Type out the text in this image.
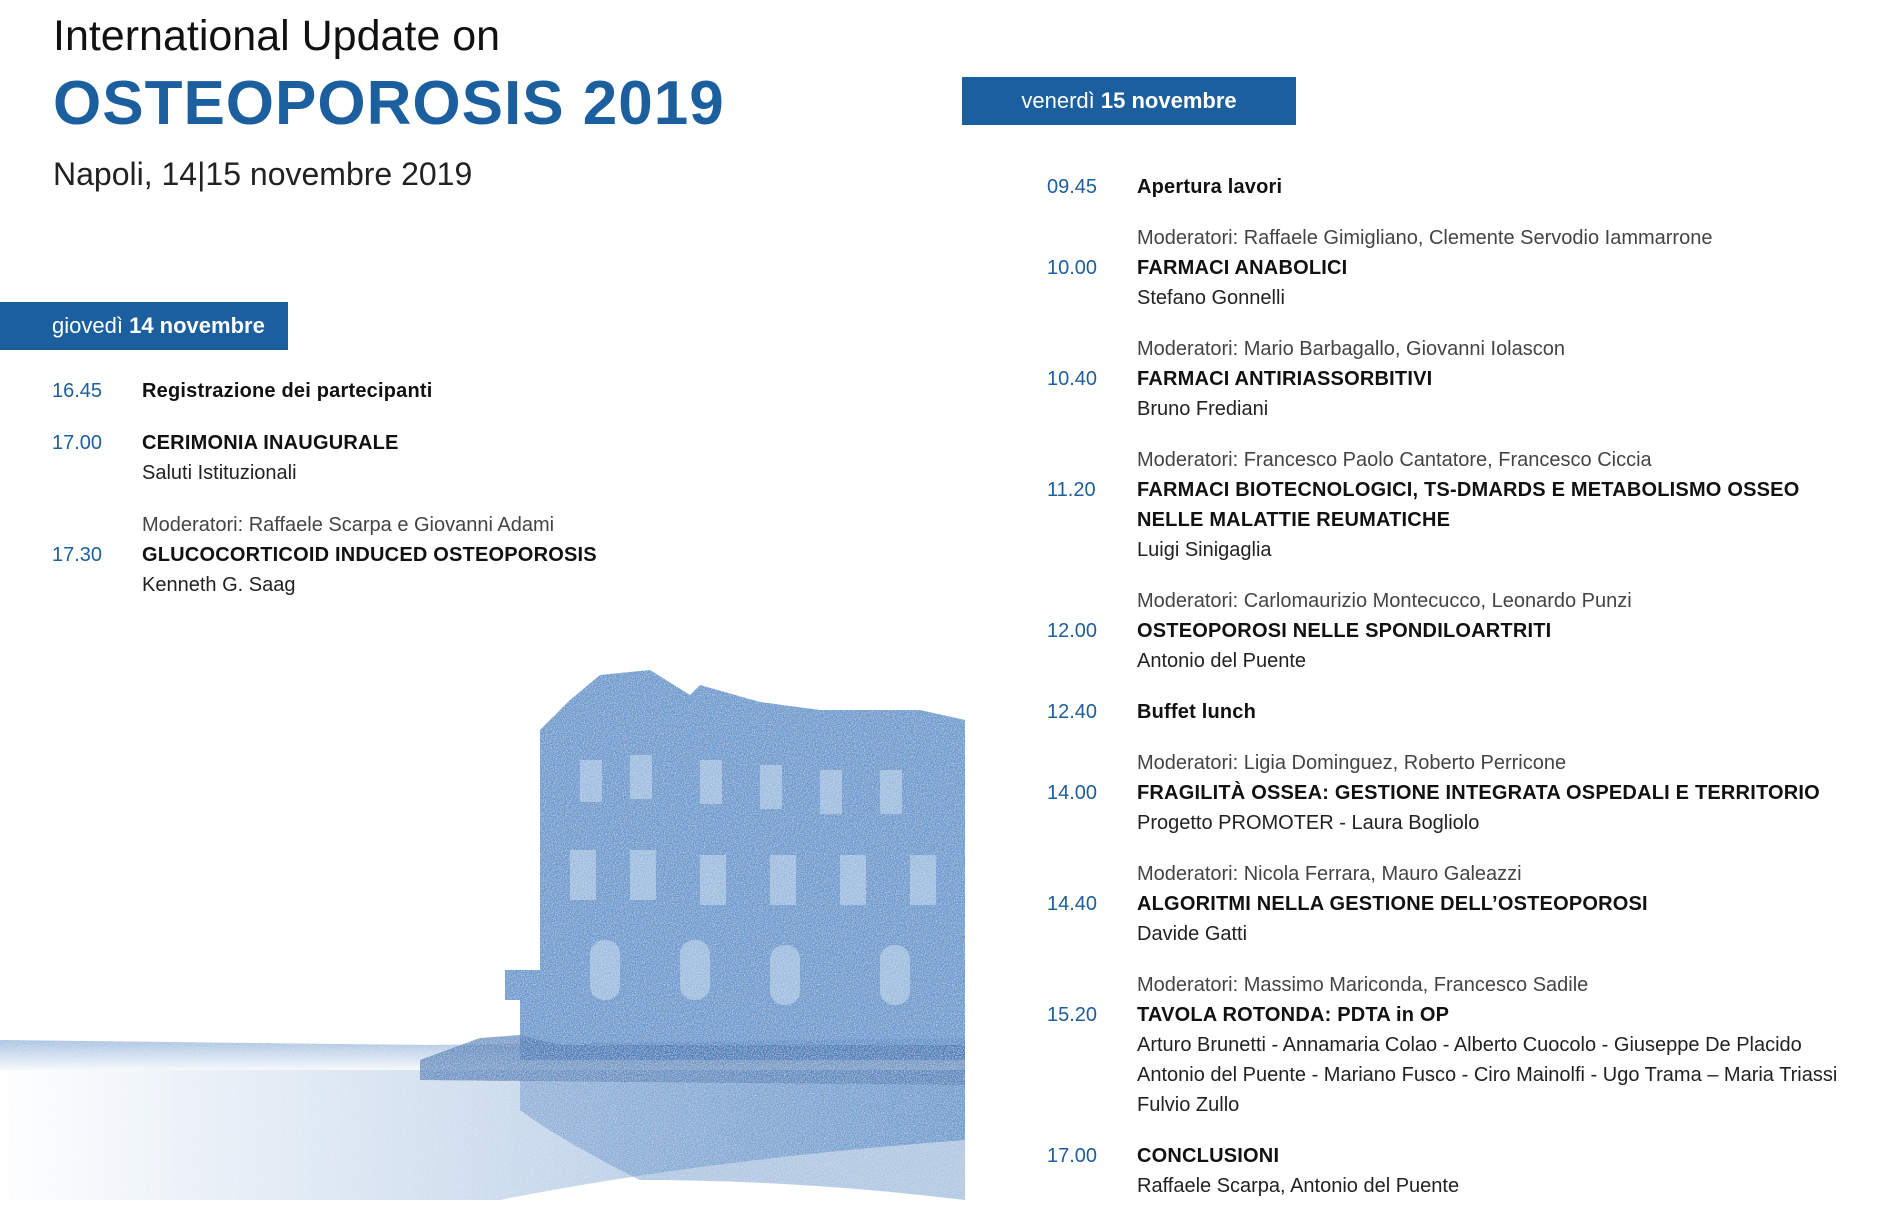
International Update on
OSTEOPOROSIS 2019
Napoli, 14|15 novembre 2019
giovedì 14 novembre
venerdì 15 novembre
16.45 Registrazione dei partecipanti
17.00 CERIMONIA INAUGURALE
Saluti Istituzionali
Moderatori: Raffaele Scarpa e Giovanni Adami
17.30 GLUCOCORTICOID INDUCED OSTEOPOROSIS
Kenneth G. Saag
09.45 Apertura lavori
Moderatori: Raffaele Gimigliano, Clemente Servodio Iammarrone
10.00 FARMACI ANABOLICI
Stefano Gonnelli
Moderatori: Mario Barbagallo, Giovanni Iolascon
10.40 FARMACI ANTIRIASSORBITIVI
Bruno Frediani
Moderatori: Francesco Paolo Cantatore, Francesco Ciccia
11.20 FARMACI BIOTECNOLOGICI, TS-DMARDS E METABOLISMO OSSEO
NELLE MALATTIE REUMATICHE
Luigi Sinigaglia
Moderatori: Carlomaurizio Montecucco, Leonardo Punzi
12.00 OSTEOPOROSI NELLE SPONDILOARTRITI
Antonio del Puente
12.40 Buffet lunch
Moderatori: Ligia Dominguez, Roberto Perricone
14.00 FRAGILITÀ OSSEA: GESTIONE INTEGRATA OSPEDALI E TERRITORIO
Progetto PROMOTER - Laura Bogliolo
Moderatori: Nicola Ferrara, Mauro Galeazzi
14.40 ALGORITMI NELLA GESTIONE DELL’OSTEOPOROSI
Davide Gatti
Moderatori: Massimo Mariconda, Francesco Sadile
15.20 TAVOLA ROTONDA: PDTA in OP
Arturo Brunetti - Annamaria Colao - Alberto Cuocolo - Giuseppe De Placido
Antonio del Puente - Mariano Fusco - Ciro Mainolfi - Ugo Trama – Maria Triassi
Fulvio Zullo
17.00 CONCLUSIONI
Raffaele Scarpa, Antonio del Puente
